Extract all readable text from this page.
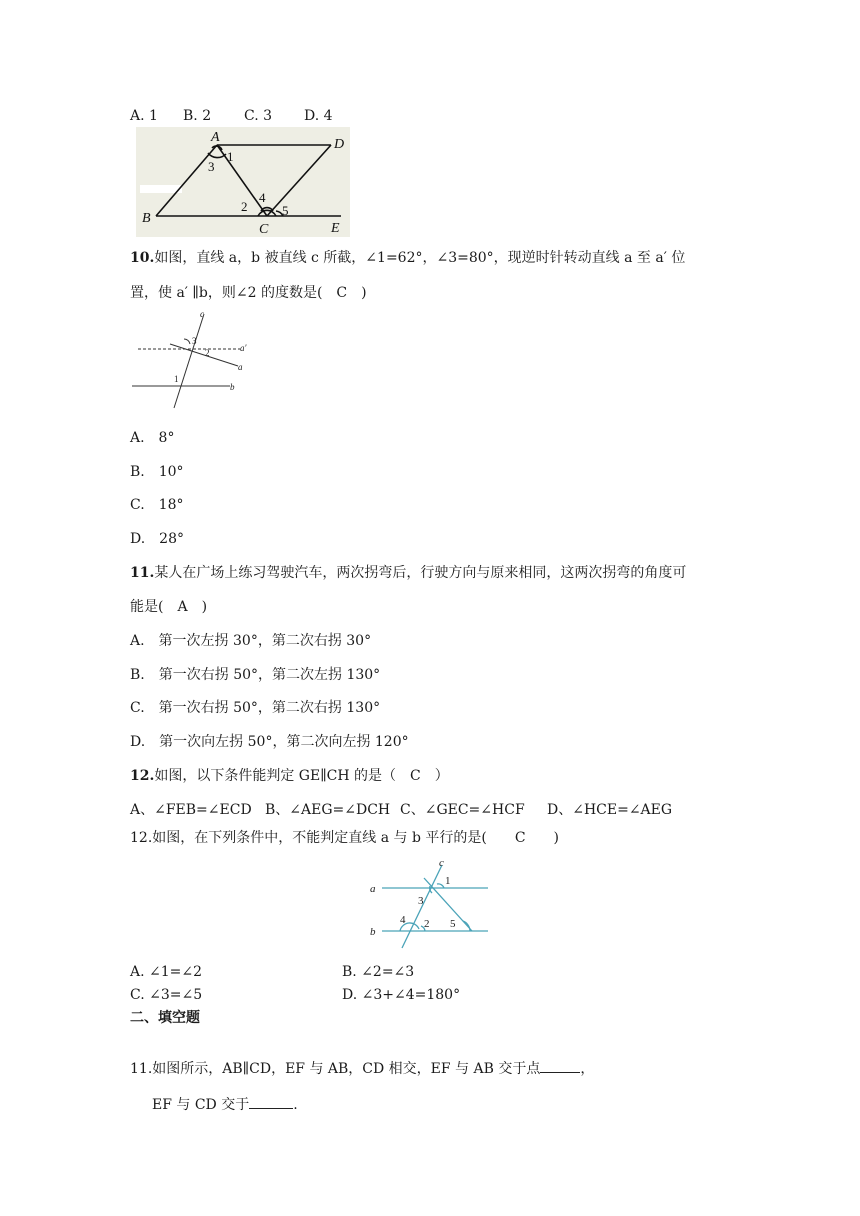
A. 1 B. 2 C. 3 D. 4
A
B
C
D
E
1
2
3
4
5
10.如图，直线 a，b 被直线 c 所截，∠1=62°，∠3=80°，现逆时针转动直线 a 至 a′ 位
置，使 a′ ∥b，则∠2 的度数是(　C　)
c
a′
a
b
3
2
1
A.　8°
B.　10°
C.　18°
D.　28°
11.某人在广场上练习驾驶汽车，两次拐弯后，行驶方向与原来相同，这两次拐弯的角度可
能是(　A　)
A.　第一次左拐 30°，第二次右拐 30°
B.　第一次右拐 50°，第二次左拐 130°
C.　第一次右拐 50°，第二次右拐 130°
D.　第一次向左拐 50°，第二次向左拐 120°
12.如图，以下条件能判定 GE∥CH 的是（　C　）
A、∠FEB=∠ECD B、∠AEG=∠DCH C、∠GEC=∠HCF D、∠HCE=∠AEG
12.如图，在下列条件中，不能判定直线 a 与 b 平行的是(　　C　　)
c
a
b
1
3
4 2 5
A. ∠1=∠2	B. ∠2=∠3
C. ∠3=∠5	D. ∠3+∠4=180°
二、填空题
11.如图所示，AB∥CD，EF 与 AB，CD 相交，EF 与 AB 交于点	，
EF 与 CD 交于	.
